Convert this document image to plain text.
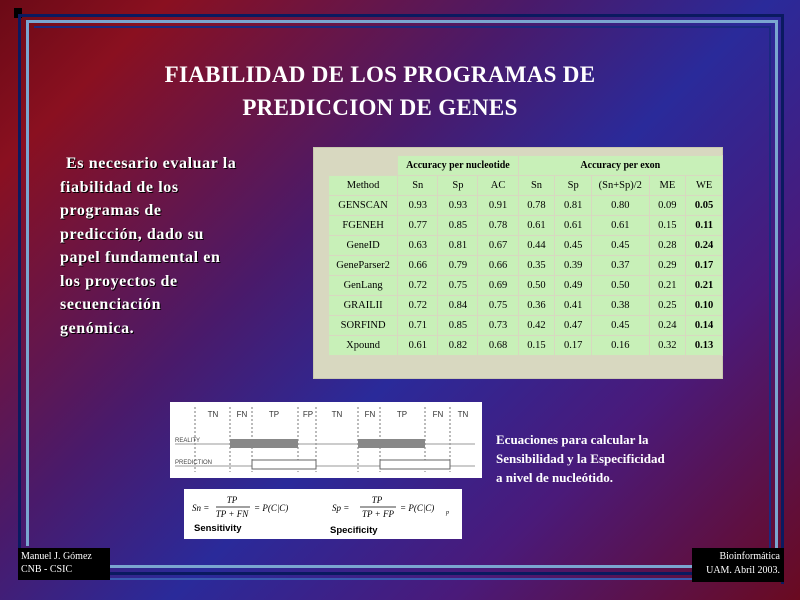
FIABILIDAD DE LOS PROGRAMAS DE
PREDICCION DE GENES
Es necesario evaluar la
fiabilidad de los
programas de
predicción, dado su
papel fundamental en
los proyectos de
secuenciación
genómica.
	Accuracy per nucleotide			Accuracy per exon				
Method	Sn	Sp	AC	Sn	Sp	(Sn+Sp)/2	ME	WE
GENSCAN	0.93	0.93	0.91	0.78	0.81	0.80	0.09	0.05
FGENEH	0.77	0.85	0.78	0.61	0.61	0.61	0.15	0.11
GeneID	0.63	0.81	0.67	0.44	0.45	0.45	0.28	0.24
GeneParser2	0.66	0.79	0.66	0.35	0.39	0.37	0.29	0.17
GenLang	0.72	0.75	0.69	0.50	0.49	0.50	0.21	0.21
GRAILII	0.72	0.84	0.75	0.36	0.41	0.38	0.25	0.10
SORFIND	0.71	0.85	0.73	0.42	0.47	0.45	0.24	0.14
Xpound	0.61	0.82	0.68	0.15	0.17	0.16	0.32	0.13
TN FN	TP	FP TN	FN	TP	FN TN
REALITY
PREDICTION
Sn =
TP
TP + FN
= P(C|C)	Sp =
TP
TP + FP
= P(C|C) p
Sensitivity	Specificity
Ecuaciones para calcular la
Sensibilidad y la Especificidad
a nivel de nucleótido.
Manuel J. Gómez
CNB - CSIC
Bioinformática
UAM. Abril 2003.
